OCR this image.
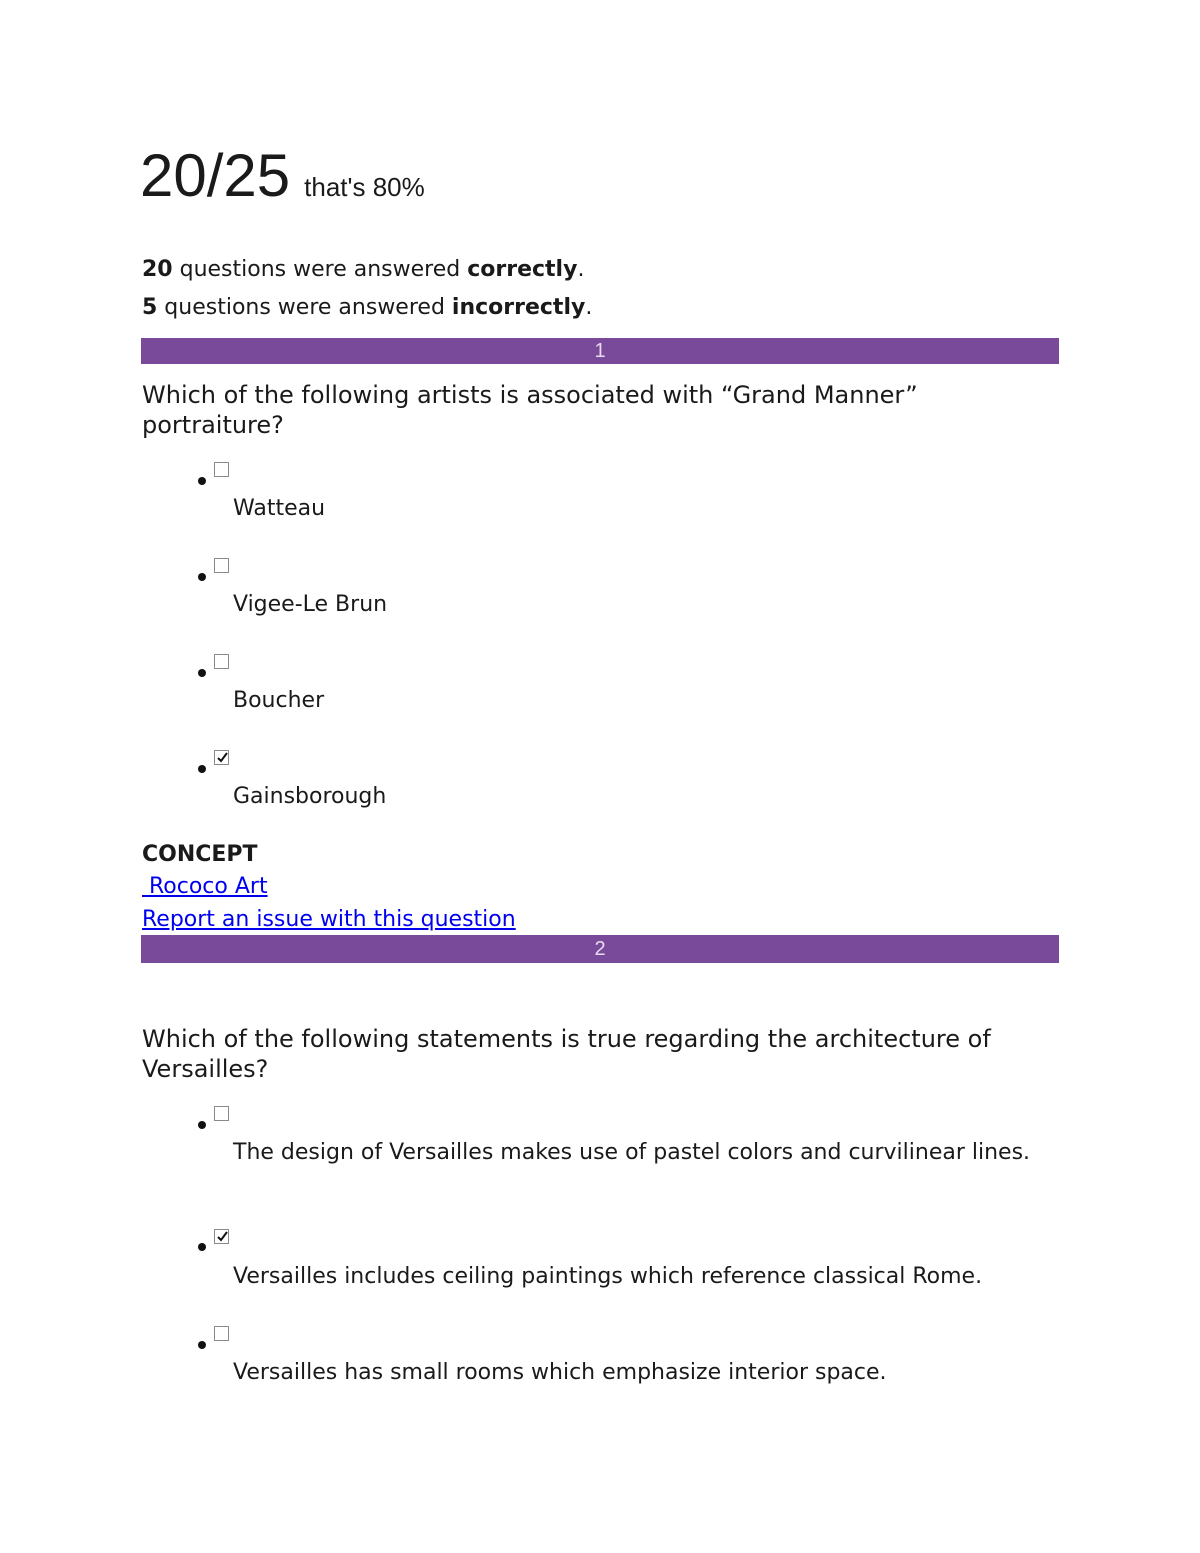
20/25 that's 80%
20 questions were answered correctly.
5 questions were answered incorrectly.
1
Which of the following artists is associated with “Grand Manner” portraiture?
Watteau
Vigee-Le Brun
Boucher
Gainsborough
CONCEPT
Rococo Art
Report an issue with this question
2
Which of the following statements is true regarding the architecture of Versailles?
The design of Versailles makes use of pastel colors and curvilinear lines.
Versailles includes ceiling paintings which reference classical Rome.
Versailles has small rooms which emphasize interior space.
